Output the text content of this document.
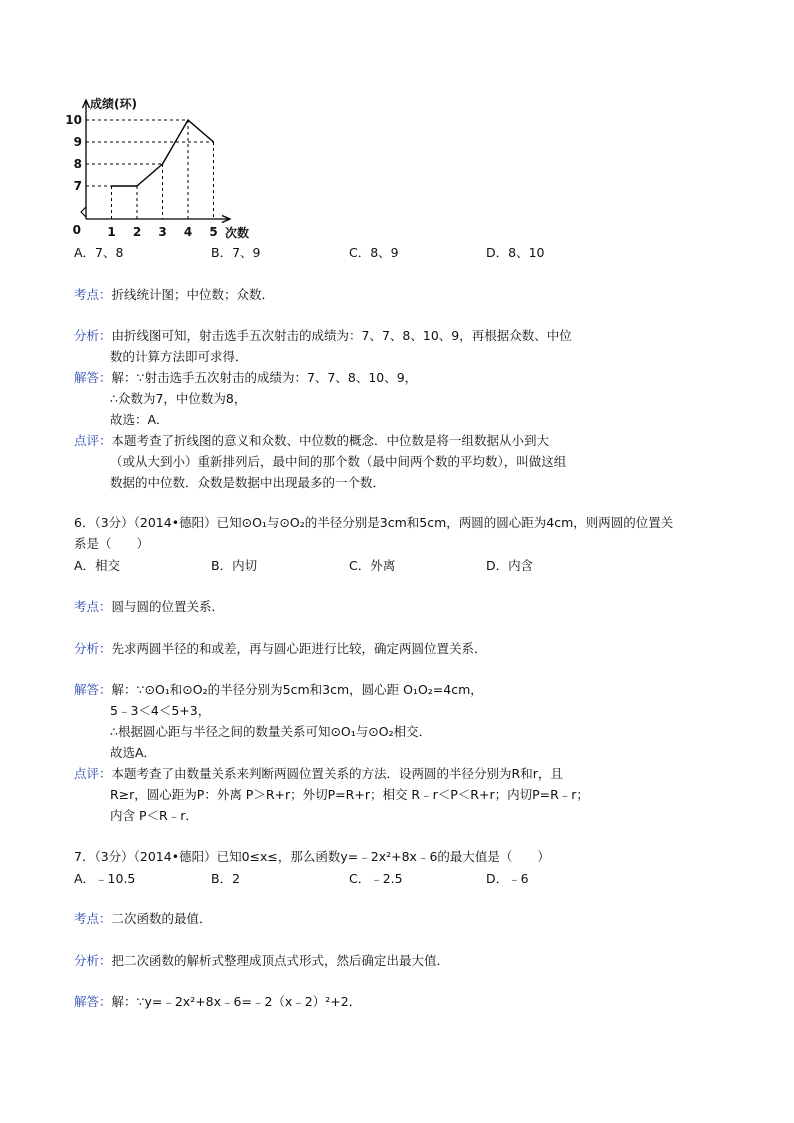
成绩(环)
次数
0
7
8
9
10
1 2 3 4 5
A．7、8	B．7、9	C．8、9	D．8、10
考点：折线统计图；中位数；众数．
分析：由折线图可知，射击选手五次射击的成绩为：7、7、8、10、9，再根据众数、中位
数的计算方法即可求得．
解答：解：∵射击选手五次射击的成绩为：7、7、8、10、9，
∴众数为7，中位数为8，
故选：A．
点评：本题考查了折线图的意义和众数、中位数的概念．中位数是将一组数据从小到大
（或从大到小）重新排列后，最中间的那个数（最中间两个数的平均数），叫做这组
数据的中位数．众数是数据中出现最多的一个数．
6．（3分）（2014•德阳）已知⊙O₁与⊙O₂的半径分别是3cm和5cm，两圆的圆心距为4cm，则两圆的位置关
系是（　　）
A．相交	B．内切	C．外离	D．内含
考点：圆与圆的位置关系．
分析：先求两圆半径的和或差，再与圆心距进行比较，确定两圆位置关系．
解答：解：∵⊙O₁和⊙O₂的半径分别为5cm和3cm，圆心距 O₁O₂=4cm，
5﹣3＜4＜5+3，
∴根据圆心距与半径之间的数量关系可知⊙O₁与⊙O₂相交．
故选A．
点评：本题考查了由数量关系来判断两圆位置关系的方法．设两圆的半径分别为R和r，且
R≥r，圆心距为P：外离 P＞R+r；外切P=R+r；相交 R﹣r＜P＜R+r；内切P=R﹣r；
内含 P＜R﹣r．
7．（3分）（2014•德阳）已知0≤x≤，那么函数y=﹣2x²+8x﹣6的最大值是（　　）
A．﹣10.5	B．2	C．﹣2.5	D．﹣6
考点：二次函数的最值．
分析：把二次函数的解析式整理成顶点式形式，然后确定出最大值．
解答：解：∵y=﹣2x²+8x﹣6=﹣2（x﹣2）²+2．
